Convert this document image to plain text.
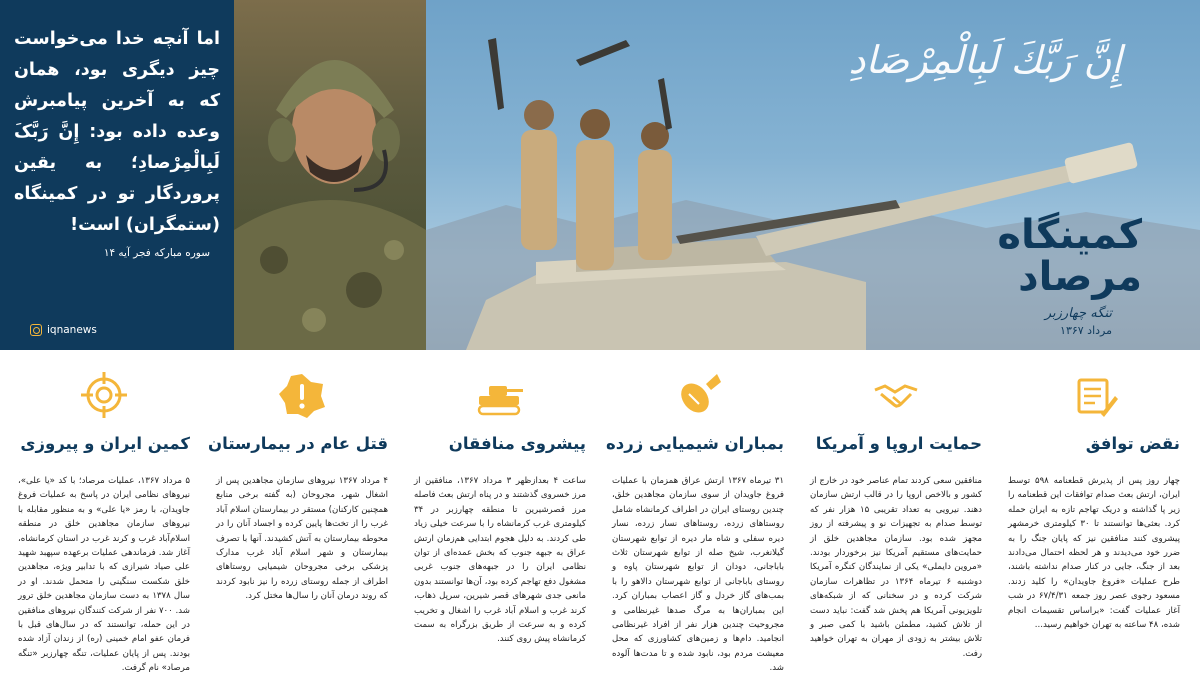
إِنَّ رَبَّكَ لَبِالْمِرْصَادِ
کمینگاه
مرصاد
تنگه چهارزبر
مرداد ۱۳۶۷
اما آنچه خدا می‌خواست چیز دیگری بود، همان که به آخرین پیامبرش وعده داده بود: إِنَّ رَبَّکَ لَبِالْمِرْصادِ؛ به یقین پروردگار تو در کمینگاه (ستمگران) است!
سوره مبارکه فجر آیه ۱۴
iqnanews
نقض توافق
چهار روز پس از پذیرش قطعنامه ۵۹۸ توسط ایران، ارتش بعث صدام توافقات این قطعنامه را زیر پا گذاشته و دریک تهاجم تازه به ایران حمله کرد. بعثی‌ها توانستند تا ۳۰ کیلومتری خرمشهر پیشروی کنند منافقین نیز که پایان جنگ را به ضرر خود می‌دیدند و هر لحظه احتمال می‌دادند بعد از جنگ، جایی در کنار صدام نداشته باشند، طرح عملیات «فروغ جاویدان» را کلید زدند. مسعود رجوی عصر روز جمعه ۶۷/۴/۳۱ در شب آغاز عملیات گفت: «براساس تقسیمات انجام شده، ۴۸ ساعته به تهران خواهیم رسید...
حمایت اروپا و آمریکا
منافقین سعی کردند تمام عناصر خود در خارج از کشور و بالاخص اروپا را در قالب ارتش سازمان دهند. نیرویی به تعداد تقریبی ۱۵ هزار نفر که توسط صدام به تجهیزات نو و پیشرفته از روز مجهز شده بود. سازمان مجاهدین خلق از حمایت‌های مستقیم آمریکا نیز برخوردار بودند. «مروین دایملی» یکی از نمایندگان کنگره آمریکا دوشنبه ۶ تیرماه ۱۳۶۴ در تظاهرات سازمان شرکت کرده و در سخنانی که از شبکه‌های تلویزیونی آمریکا هم پخش شد گفت: نباید دست از تلاش کشید، مطمئن باشید با کمی صبر و تلاش بیشتر به زودی از مهران به تهران خواهید رفت.
بمباران شیمیایی زرده
۳۱ تیرماه ۱۳۶۷ ارتش عراق همزمان با عملیات فروغ جاویدان از سوی سازمان مجاهدین خلق، چندین روستای ایران در اطراف کرمانشاه شامل روستاهای زرده، روستاهای نسار زرده، نسار دیره سفلی و شاه مار دیره از توابع شهرستان گیلانغرب، شیخ صله از توابع شهرستان ثلاث باباجانی، دودان از توابع شهرستان پاوه و روستای باباجانی از توابع شهرستان دالاهو را با بمب‌های گاز خردل و گاز اعصاب بمباران کرد. این بمباران‌ها به مرگ صدها غیرنظامی و مجروحیت چندین هزار نفر از افراد غیرنظامی انجامید. دام‌ها و زمین‌های کشاورزی که محل معیشت مردم بود، نابود شده و تا مدت‌ها آلوده شد.
پیشروی منافقان
ساعت ۴ بعدازظهر ۳ مرداد ۱۳۶۷، منافقین از مرز خسروی گذشتند و در پناه ارتش بعث فاصله مرز قصرشیرین تا منطقه چهارزبر در ۳۴ کیلومتری غرب کرمانشاه را با سرعت خیلی زیاد طی کردند. به دلیل هجوم ابتدایی هم‌زمان ارتش عراق به جبهه جنوب که بخش عمده‌ای از توان نظامی ایران را در جبهه‌های جنوب غربی مشغول دفع تهاجم کرده بود، آن‌ها توانستند بدون مانعی جدی شهرهای قصر شیرین، سرپل ذهاب، کرند غرب و اسلام آباد غرب را اشغال و تخریب کرده و به سرعت از طریق بزرگراه به سمت کرمانشاه پیش روی کنند.
قتل عام در بیمارستان
۴ مرداد ۱۳۶۷ نیروهای سازمان مجاهدین پس از اشغال شهر، مجروحان (به گفته برخی منابع همچنین کارکنان) مستقر در بیمارستان اسلام آباد غرب را از تخت‌ها پایین کرده و اجساد آنان را در محوطه بیمارستان به آتش کشیدند. آنها با تصرف بیمارستان و شهر اسلام آباد غرب مدارک پزشکی برخی مجروحان شیمیایی روستاهای اطراف از جمله روستای زرده را نیز نابود کردند که روند درمان آنان را سال‌ها مختل کرد.
کمین ایران و پیروزی
۵ مرداد ۱۳۶۷، عملیات مرصاد؛ با کد «یا علی»، نیروهای نظامی ایران در پاسخ به عملیات فروغ جاویدان، با رمز «یا علی» و به منظور مقابله با نیروهای سازمان مجاهدین خلق در منطقه اسلام‌آباد غرب و کرند غرب در استان کرمانشاه، آغاز شد. فرماندهی عملیات برعهده سپهبد شهید علی صیاد شیرازی که با تدابیر ویژه، مجاهدین خلق شکست سنگینی را متحمل شدند. او در سال ۱۳۷۸ به دست سازمان مجاهدین خلق ترور شد. ۷۰۰ نفر از شرکت کنندگان نیروهای منافقین در این حمله، توانستند که در سال‌های قبل با فرمان عفو امام خمینی (ره) از زندان آزاد شده بودند. پس از پایان عملیات، تنگه چهارزبر «تنگه مرصاد» نام گرفت.
